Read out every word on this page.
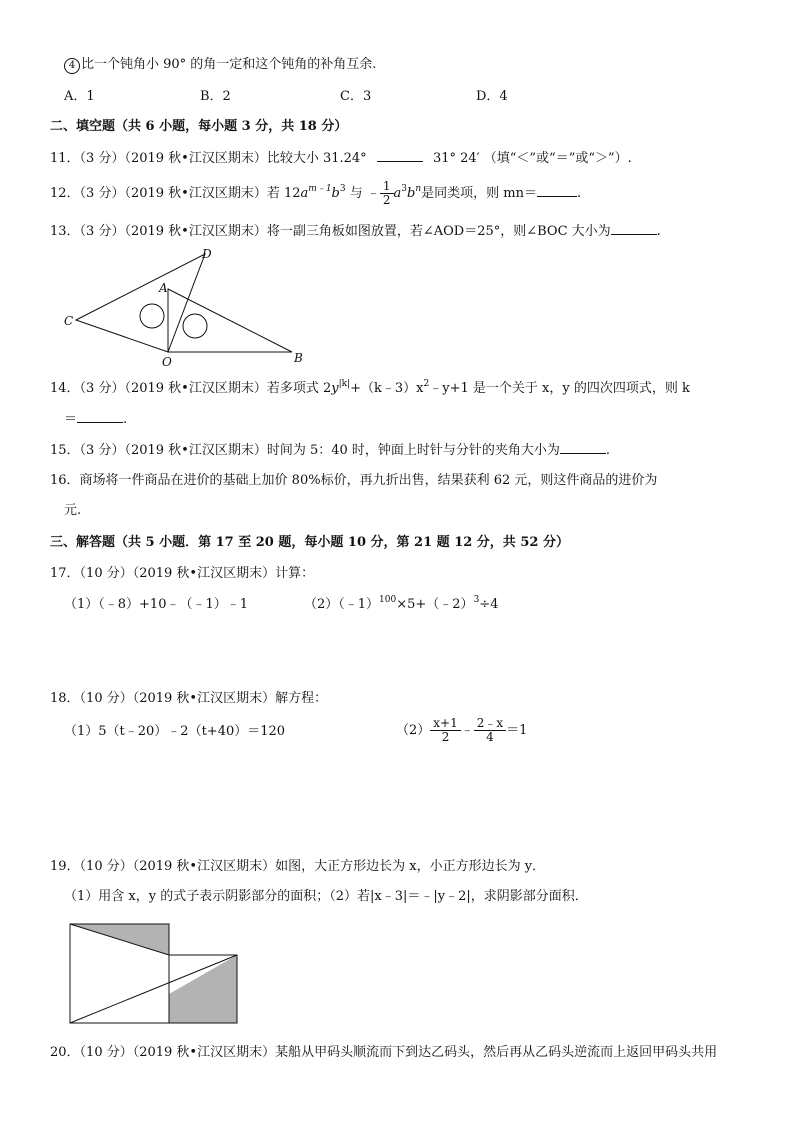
4 比一个钝角小 90° 的角一定和这个钝角的补角互余.
A．1	B．2	C．3	D．4
二、填空题（共 6 小题，每小题 3 分，共 18 分）
11．（3 分）（2019 秋•江汉区期末）比较大小 31.24°	31° 24′ （填“＜”或“＝”或“＞”）.
12．（3 分）（2019 秋•江汉区期末）若 $12a^{m﹣1}b^3$ 与 ﹣ $\frac{1}{2} a^3b^n$是同类项，则 mn＝	.
13．（3 分）（2019 秋•江汉区期末）将一副三角板如图放置，若∠AOD＝25°，则∠BOC 大小为	.
D
A
C
O	B
14．（3 分）（2019 秋•江汉区期末）若多项式 $2y^{|k|}+(k﹣3)x^2﹣y+1$ 是一个关于 x，y 的四次四项式，则 k
＝	.
15．（3 分）（2019 秋•江汉区期末）时间为 5：40 时，钟面上时针与分针的夹角大小为	.
16．商场将一件商品在进价的基础上加价 80%标价，再九折出售，结果获利 62 元，则这件商品的进价为
元.
三、解答题（共 5 小题．第 17 至 20 题，每小题 10 分，第 21 题 12 分，共 52 分）
17．（10 分）（2019 秋•江汉区期末）计算：
（1）（﹣8）+10﹣（﹣1）﹣1	（2）（﹣1）$^{100}$×5+（﹣2）$^3$÷4
18．（10 分）（2019 秋•江汉区期末）解方程：
（1）5（t﹣20）﹣2（t+40）＝120	$(2) \frac{x+1}{2}$ ﹣ $\frac{2﹣x}{4} =1$
19．（10 分）（2019 秋•江汉区期末）如图，大正方形边长为 x，小正方形边长为 y．
（1）用含 x，y 的式子表示阴影部分的面积；（2）若|x﹣3|＝﹣|y﹣2|，求阴影部分面积．
20．（10 分）（2019 秋•江汉区期末）某船从甲码头顺流而下到达乙码头，然后再从乙码头逆流而上返回甲码头共用
